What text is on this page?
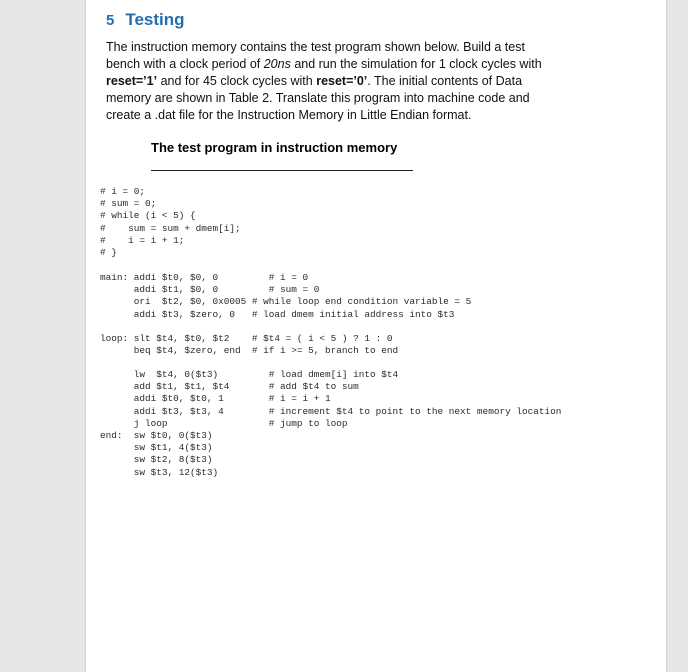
5 Testing
The instruction memory contains the test program shown below. Build a test bench with a clock period of 20ns and run the simulation for 1 clock cycles with reset=’1’ and for 45 clock cycles with reset=’0’. The initial contents of Data memory are shown in Table 2. Translate this program into machine code and create a .dat file for the Instruction Memory in Little Endian format.
The test program in instruction memory
# i = 0;
# sum = 0;
# while (i < 5) {
#    sum = sum + dmem[i];
#    i = i + 1;
# }
main: addi $t0, $0, 0         # i = 0
addi $t1, $0, 0         # sum = 0
ori  $t2, $0, 0x0005 # while loop end condition variable = 5
addi $t3, $zero, 0   # load dmem initial address into $t3
loop: slt $t4, $t0, $t2    # $t4 = ( i < 5 ) ? 1 : 0
beq $t4, $zero, end  # if i >= 5, branch to end
lw  $t4, 0($t3)         # load dmem[i] into $t4
add $t1, $t1, $t4       # add $t4 to sum
addi $t0, $t0, 1        # i = i + 1
addi $t3, $t3, 4        # increment $t4 to point to the next memory location
j loop                  # jump to loop
end:  sw $t0, 0($t3)
sw $t1, 4($t3)
sw $t2, 8($t3)
sw $t3, 12($t3)
